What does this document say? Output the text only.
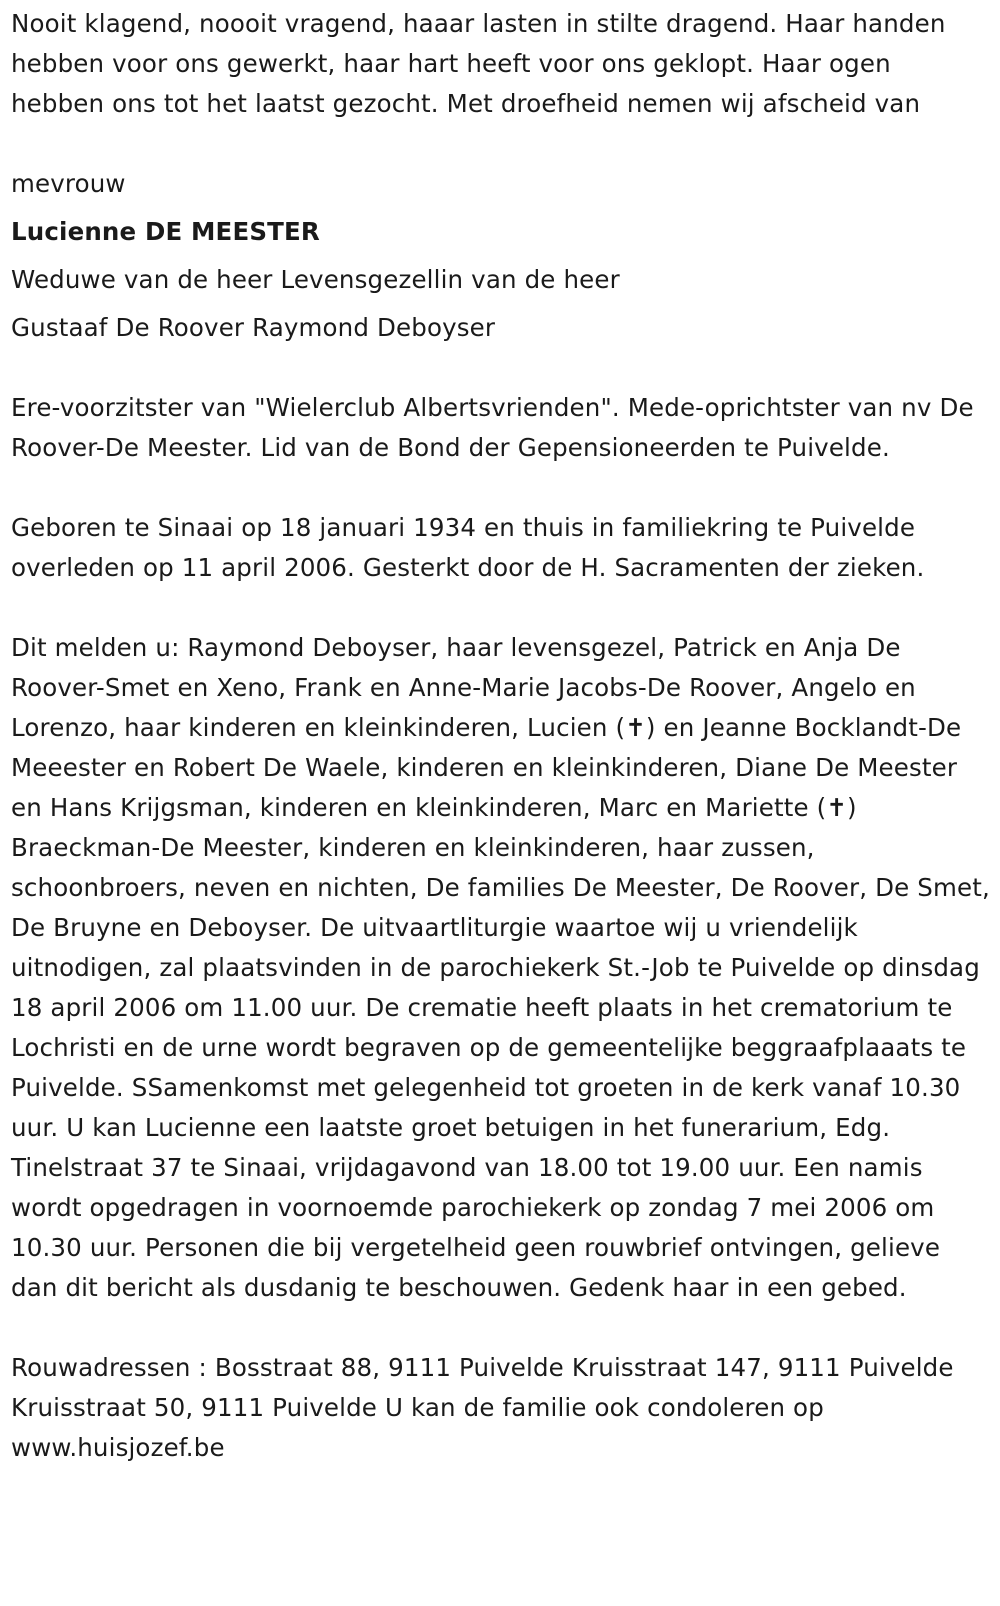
Nooit klagend, noooit vragend, haaar lasten in stilte dragend. Haar handen hebben voor ons gewerkt, haar hart heeft voor ons geklopt. Haar ogen hebben ons tot het laatst gezocht. Met droefheid nemen wij afscheid van

mevrouw

Lucienne DE MEESTER

Weduwe van de heer Levensgezellin van de heer

Gustaaf De Roover Raymond Deboyser

Ere-voorzitster van "Wielerclub Albertsvrienden". Mede-oprichtster van nv De Roover-De Meester. Lid van de Bond der Gepensioneerden te Puivelde.

Geboren te Sinaai op 18 januari 1934 en thuis in familiekring te Puivelde overleden op 11 april 2006. Gesterkt door de H. Sacramenten der zieken.

Dit melden u: Raymond Deboyser, haar levensgezel, Patrick en Anja De Roover-Smet en Xeno, Frank en Anne-Marie Jacobs-De Roover, Angelo en Lorenzo, haar kinderen en kleinkinderen, Lucien (✝) en Jeanne Bocklandt-De Meeester en Robert De Waele, kinderen en kleinkinderen, Diane De Meester en Hans Krijgsman, kinderen en kleinkinderen, Marc en Mariette (✝) Braeckman-De Meester, kinderen en kleinkinderen, haar zussen, schoonbroers, neven en nichten, De families De Meester, De Roover, De Smet, De Bruyne en Deboyser. De uitvaartliturgie waartoe wij u vriendelijk uitnodigen, zal plaatsvinden in de parochiekerk St.-Job te Puivelde op dinsdag 18 april 2006 om 11.00 uur. De crematie heeft plaats in het crematorium te Lochristi en de urne wordt begraven op de gemeentelijke beggraafplaaats te Puivelde. SSamenkomst met gelegenheid tot groeten in de kerk vanaf 10.30 uur. U kan Lucienne een laatste groet betuigen in het funerarium, Edg. Tinelstraat 37 te Sinaai, vrijdagavond van 18.00 tot 19.00 uur. Een namis wordt opgedragen in voornoemde parochiekerk op zondag 7 mei 2006 om 10.30 uur. Personen die bij vergetelheid geen rouwbrief ontvingen, gelieve dan dit bericht als dusdanig te beschouwen. Gedenk haar in een gebed.

Rouwadressen : Bosstraat 88, 9111 Puivelde Kruisstraat 147, 9111 Puivelde Kruisstraat 50, 9111 Puivelde U kan de familie ook condoleren op www.huisjozef.be
